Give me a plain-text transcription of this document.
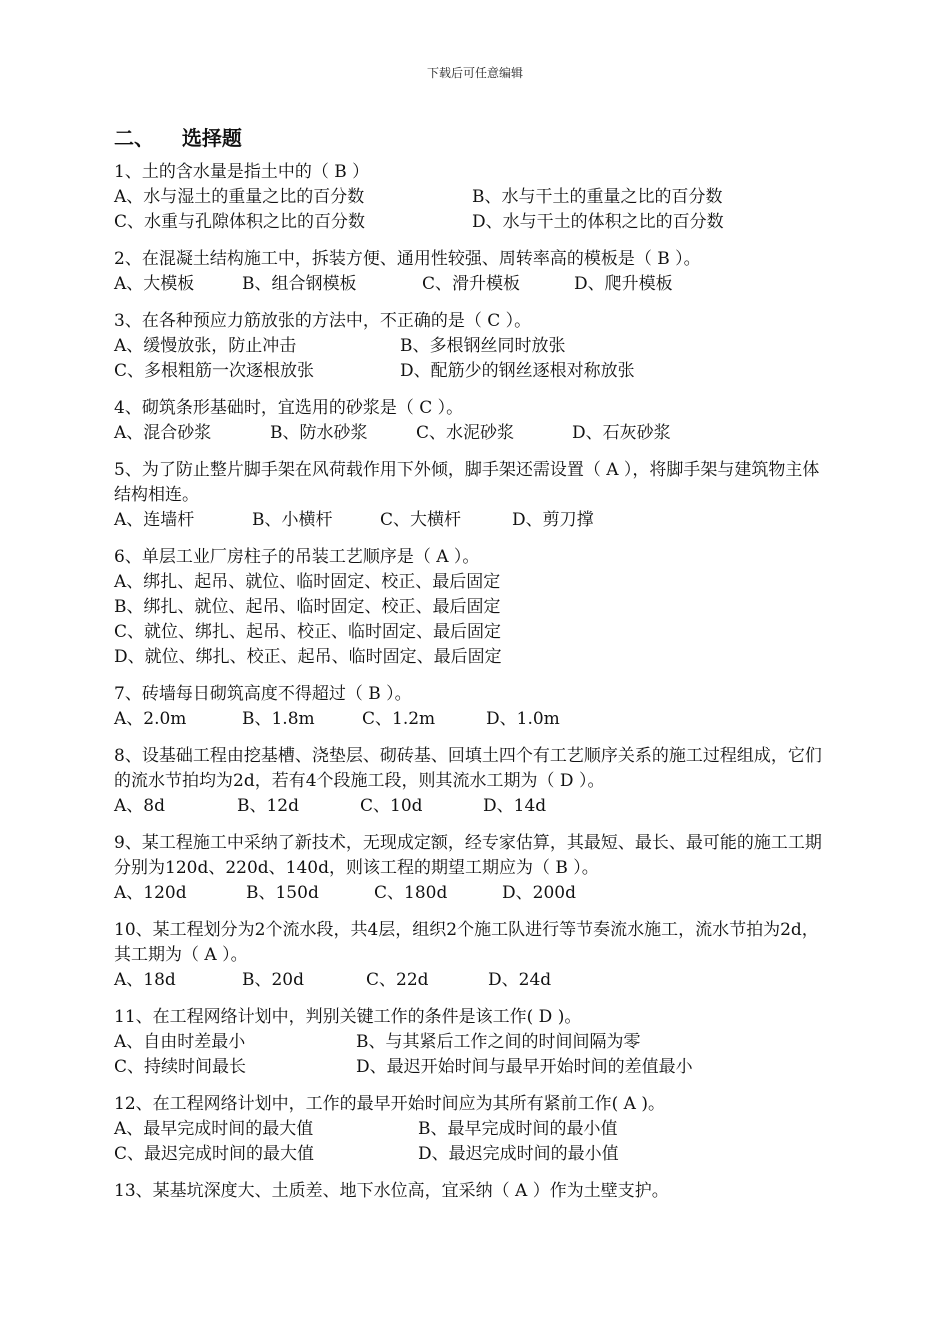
下载后可任意编辑
二、 选择题
1、土的含水量是指土中的（ B ）
A、水与湿土的重量之比的百分数	B、水与干土的重量之比的百分数
C、水重与孔隙体积之比的百分数	D、水与干土的体积之比的百分数
2、在混凝土结构施工中，拆装方便、通用性较强、周转率高的模板是（ B ）。
A、大模板	B、组合钢模板	C、滑升模板	D、爬升模板
3、在各种预应力筋放张的方法中，不正确的是（ C ）。
A、缓慢放张，防止冲击	B、多根钢丝同时放张
C、多根粗筋一次逐根放张	D、配筋少的钢丝逐根对称放张
4、砌筑条形基础时，宜选用的砂浆是（ C ）。
A、混合砂浆	B、防水砂浆	C、水泥砂浆	D、石灰砂浆
5、为了防止整片脚手架在风荷载作用下外倾，脚手架还需设置（ A ），将脚手架与建筑物主体结构相连。
A、连墙杆	B、小横杆	C、大横杆	D、剪刀撑
6、单层工业厂房柱子的吊装工艺顺序是（ A ）。
A、绑扎、起吊、就位、临时固定、校正、最后固定
B、绑扎、就位、起吊、临时固定、校正、最后固定
C、就位、绑扎、起吊、校正、临时固定、最后固定
D、就位、绑扎、校正、起吊、临时固定、最后固定
7、砖墙每日砌筑高度不得超过（ B ）。
A、2.0m	B、1.8m	C、1.2m	D、1.0m
8、设基础工程由挖基槽、浇垫层、砌砖基、回填土四个有工艺顺序关系的施工过程组成，它们的流水节拍均为2d，若有4个段施工段，则其流水工期为（ D ）。
A、8d	B、12d	C、10d	D、14d
9、某工程施工中采纳了新技术，无现成定额，经专家估算，其最短、最长、最可能的施工工期分别为120d、220d、140d，则该工程的期望工期应为（ B ）。
A、120d	B、150d	C、180d	D、200d
10、某工程划分为2个流水段，共4层，组织2个施工队进行等节奏流水施工，流水节拍为2d，其工期为（ A ）。
A、18d	B、20d	C、22d	D、24d
11、在工程网络计划中，判别关键工作的条件是该工作( D )。
A、自由时差最小	B、与其紧后工作之间的时间间隔为零
C、持续时间最长	D、最迟开始时间与最早开始时间的差值最小
12、在工程网络计划中，工作的最早开始时间应为其所有紧前工作( A )。
A、最早完成时间的最大值	B、最早完成时间的最小值
C、最迟完成时间的最大值	D、最迟完成时间的最小值
13、某基坑深度大、土质差、地下水位高，宜采纳（ A ）作为土壁支护。
